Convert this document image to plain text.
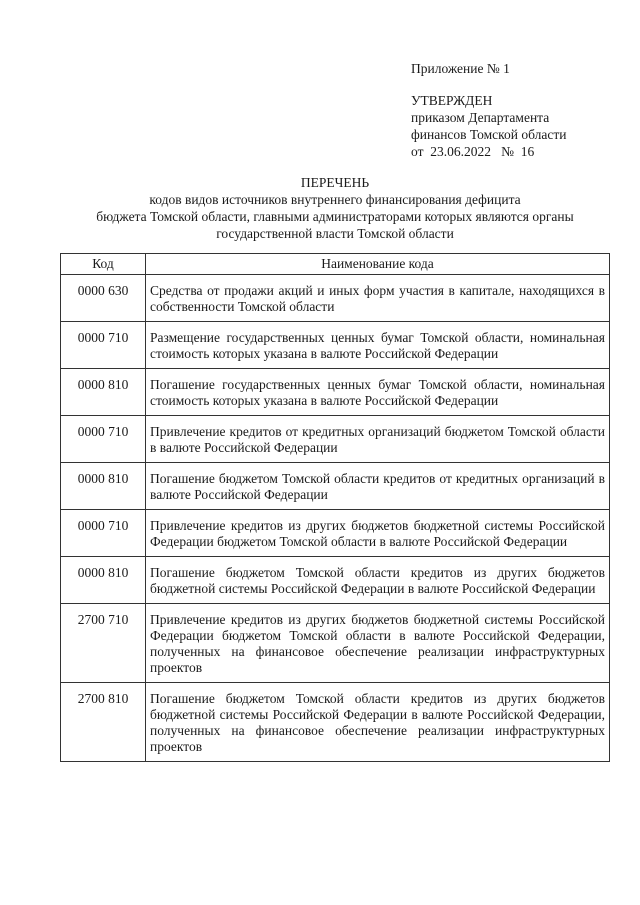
Приложение № 1
УТВЕРЖДЕН
приказом Департамента
финансов Томской области
от  23.06.2022   №  16
ПЕРЕЧЕНЬ
кодов видов источников внутреннего финансирования дефицита
бюджета Томской области, главными администраторами которых являются органы
государственной власти Томской области
Код	Наименование кода
0000 630	Средства от продажи акций и иных форм участия в капитале, находящихся в собственности Томской области
0000 710	Размещение государственных ценных бумаг Томской области, номинальная стоимость которых указана в валюте Российской Федерации
0000 810	Погашение государственных ценных бумаг Томской области, номинальная стоимость которых указана в валюте Российской Федерации
0000 710	Привлечение кредитов от кредитных организаций бюджетом Томской области в валюте Российской Федерации
0000 810	Погашение бюджетом Томской области кредитов от кредитных организаций в валюте Российской Федерации
0000 710	Привлечение кредитов из других бюджетов бюджетной системы Российской Федерации бюджетом Томской области в валюте Российской Федерации
0000 810	Погашение бюджетом Томской области кредитов из других бюджетов бюджетной системы Российской Федерации в валюте Российской Федерации
2700 710	Привлечение кредитов из других бюджетов бюджетной системы Российской Федерации бюджетом Томской области в валюте Российской Федерации, полученных на финансовое обеспечение реализации инфраструктурных проектов
2700 810	Погашение бюджетом Томской области кредитов из других бюджетов бюджетной системы Российской Федерации в валюте Российской Федерации, полученных на финансовое обеспечение реализации инфраструктурных проектов
